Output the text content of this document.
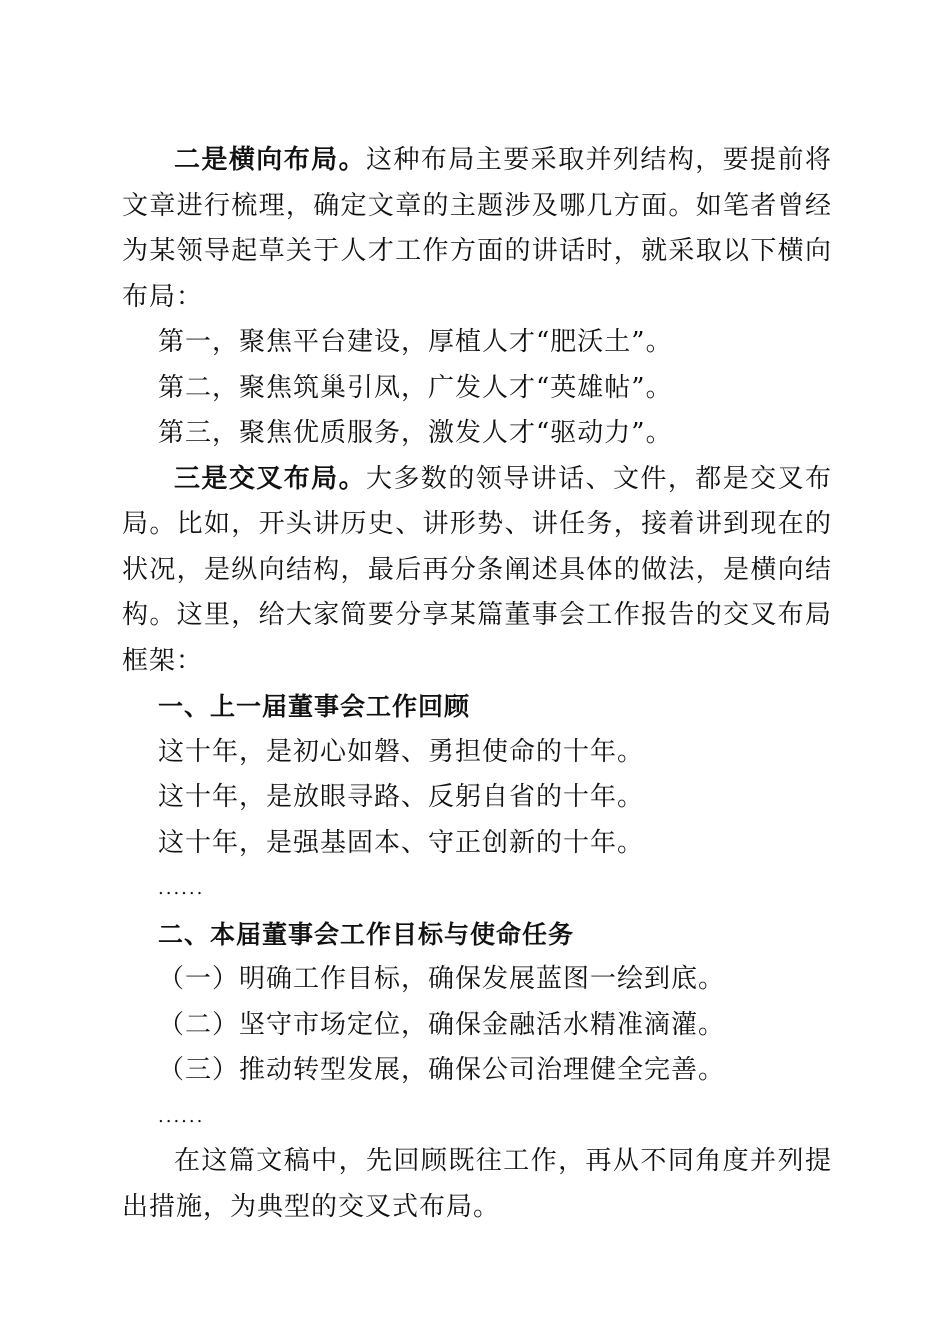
二是横向布局。这种布局主要采取并列结构，要提前将文章进行梳理，确定文章的主题涉及哪几方面。如笔者曾经为某领导起草关于人才工作方面的讲话时，就采取以下横向布局：

第一，聚焦平台建设，厚植人才“肥沃土”。

第二，聚焦筑巢引凤，广发人才“英雄帖”。

第三，聚焦优质服务，激发人才“驱动力”。

三是交叉布局。大多数的领导讲话、文件，都是交叉布局。比如，开头讲历史、讲形势、讲任务，接着讲到现在的状况，是纵向结构，最后再分条阐述具体的做法，是横向结构。这里，给大家简要分享某篇董事会工作报告的交叉布局框架：

一、上一届董事会工作回顾

这十年，是初心如磐、勇担使命的十年。

这十年，是放眼寻路、反躬自省的十年。

这十年，是强基固本、守正创新的十年。

......

二、本届董事会工作目标与使命任务

（一）明确工作目标，确保发展蓝图一绘到底。

（二）坚守市场定位，确保金融活水精准滴灌。

（三）推动转型发展，确保公司治理健全完善。

......

在这篇文稿中，先回顾既往工作，再从不同角度并列提出措施，为典型的交叉式布局。
